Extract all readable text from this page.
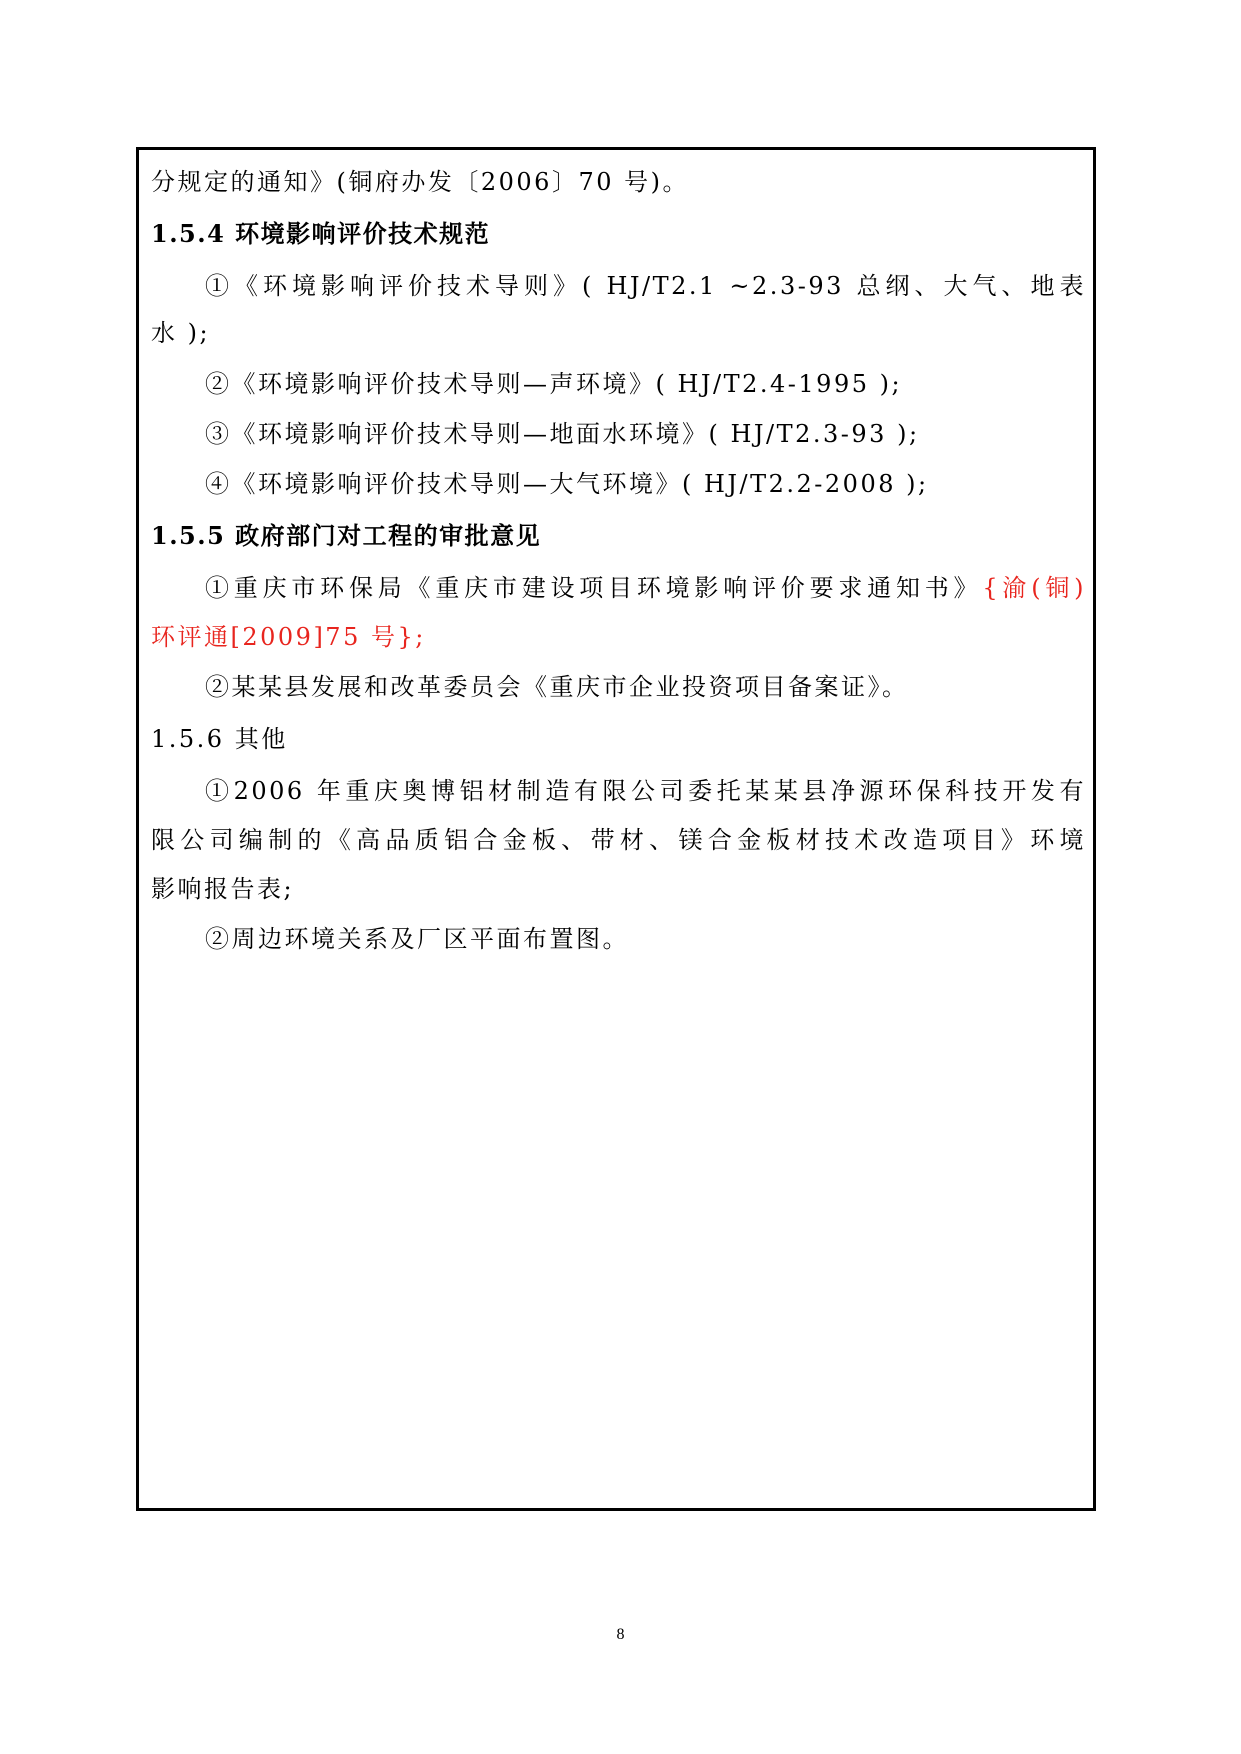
分规定的通知》(铜府办发〔2006〕70 号)。
1.5.4 环境影响评价技术规范
①《环境影响评价技术导则》( HJ/T2.1 ~2.3-93 总纲、大气、地表
水 );
②《环境影响评价技术导则—声环境》( HJ/T2.4-1995 );
③《环境影响评价技术导则—地面水环境》( HJ/T2.3-93 );
④《环境影响评价技术导则—大气环境》( HJ/T2.2-2008 );
1.5.5 政府部门对工程的审批意见
①重庆市环保局《重庆市建设项目环境影响评价要求通知书》{渝(铜)
环评通[2009]75 号};
②某某县发展和改革委员会《重庆市企业投资项目备案证》。
1.5.6 其他
①2006 年重庆奥博铝材制造有限公司委托某某县净源环保科技开发有
限公司编制的《高品质铝合金板、带材、镁合金板材技术改造项目》环境
影响报告表;
②周边环境关系及厂区平面布置图。
8
